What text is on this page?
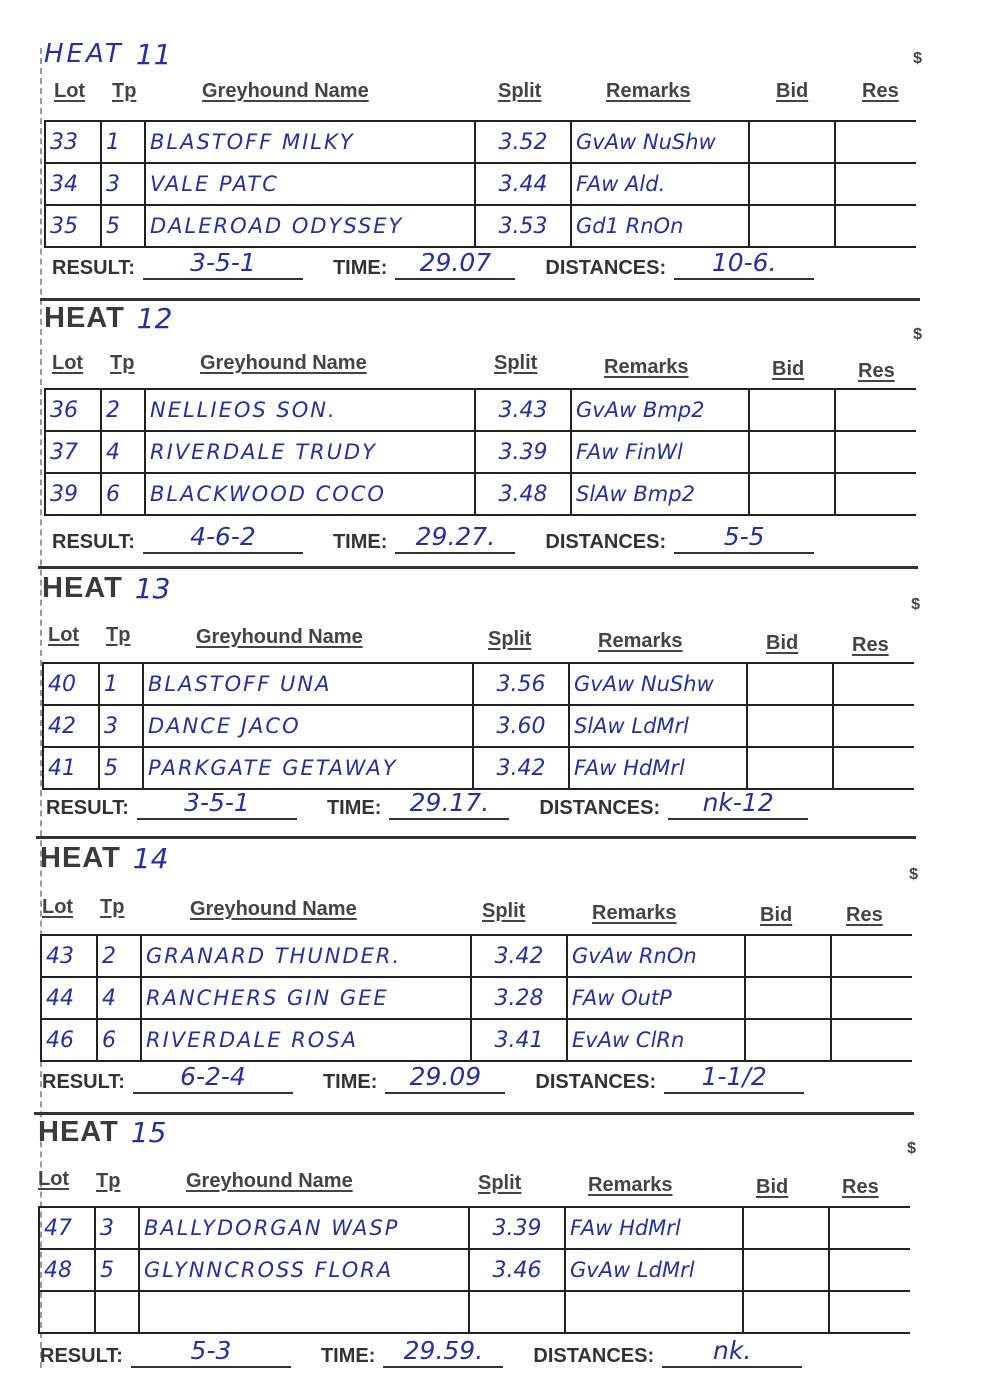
HEAT 11	$
Lot Tp	Greyhound Name	Split	Remarks	Bid	Res
33	1	BLASTOFF MILKY	3.52	GvAw NuShw
34	3	VALE PATC	3.44	FAw Ald.
35	5	DALEROAD ODYSSEY	3.53	Gd1 RnOn
RESULT:	3-5-1	TIME:	29.07	DISTANCES:	10-6.
HEAT 12	$
Lot Tp	Greyhound Name	Split	Remarks	Bid	Res
36	2	NELLIEOS SON.	3.43	GvAw Bmp2
37	4	RIVERDALE TRUDY	3.39	FAw FinWl
39	6	BLACKWOOD COCO	3.48	SlAw Bmp2
RESULT:	4-6-2	TIME:	29.27.	DISTANCES:	5-5
HEAT 13	$
Lot Tp	Greyhound Name	Split	Remarks	Bid	Res
40	1	BLASTOFF UNA	3.56	GvAw NuShw
42	3	DANCE JACO	3.60	SlAw LdMrl
41	5	PARKGATE GETAWAY	3.42	FAw HdMrl
RESULT:	3-5-1	TIME:	29.17.	DISTANCES:	nk-12
HEAT 14	$
Lot Tp	Greyhound Name	Split	Remarks	Bid	Res
43	2	GRANARD THUNDER.	3.42	GvAw RnOn
44	4	RANCHERS GIN GEE	3.28	FAw OutP
46	6	RIVERDALE ROSA	3.41	EvAw ClRn
RESULT:	6-2-4	TIME:	29.09	DISTANCES:	1-1/2
HEAT 15	$
Lot Tp	Greyhound Name	Split	Remarks	Bid	Res
47	3	BALLYDORGAN WASP	3.39	FAw HdMrl
48	5	GLYNNCROSS FLORA	3.46	GvAw LdMrl
RESULT:	5-3	TIME:	29.59.	DISTANCES:	nk.
